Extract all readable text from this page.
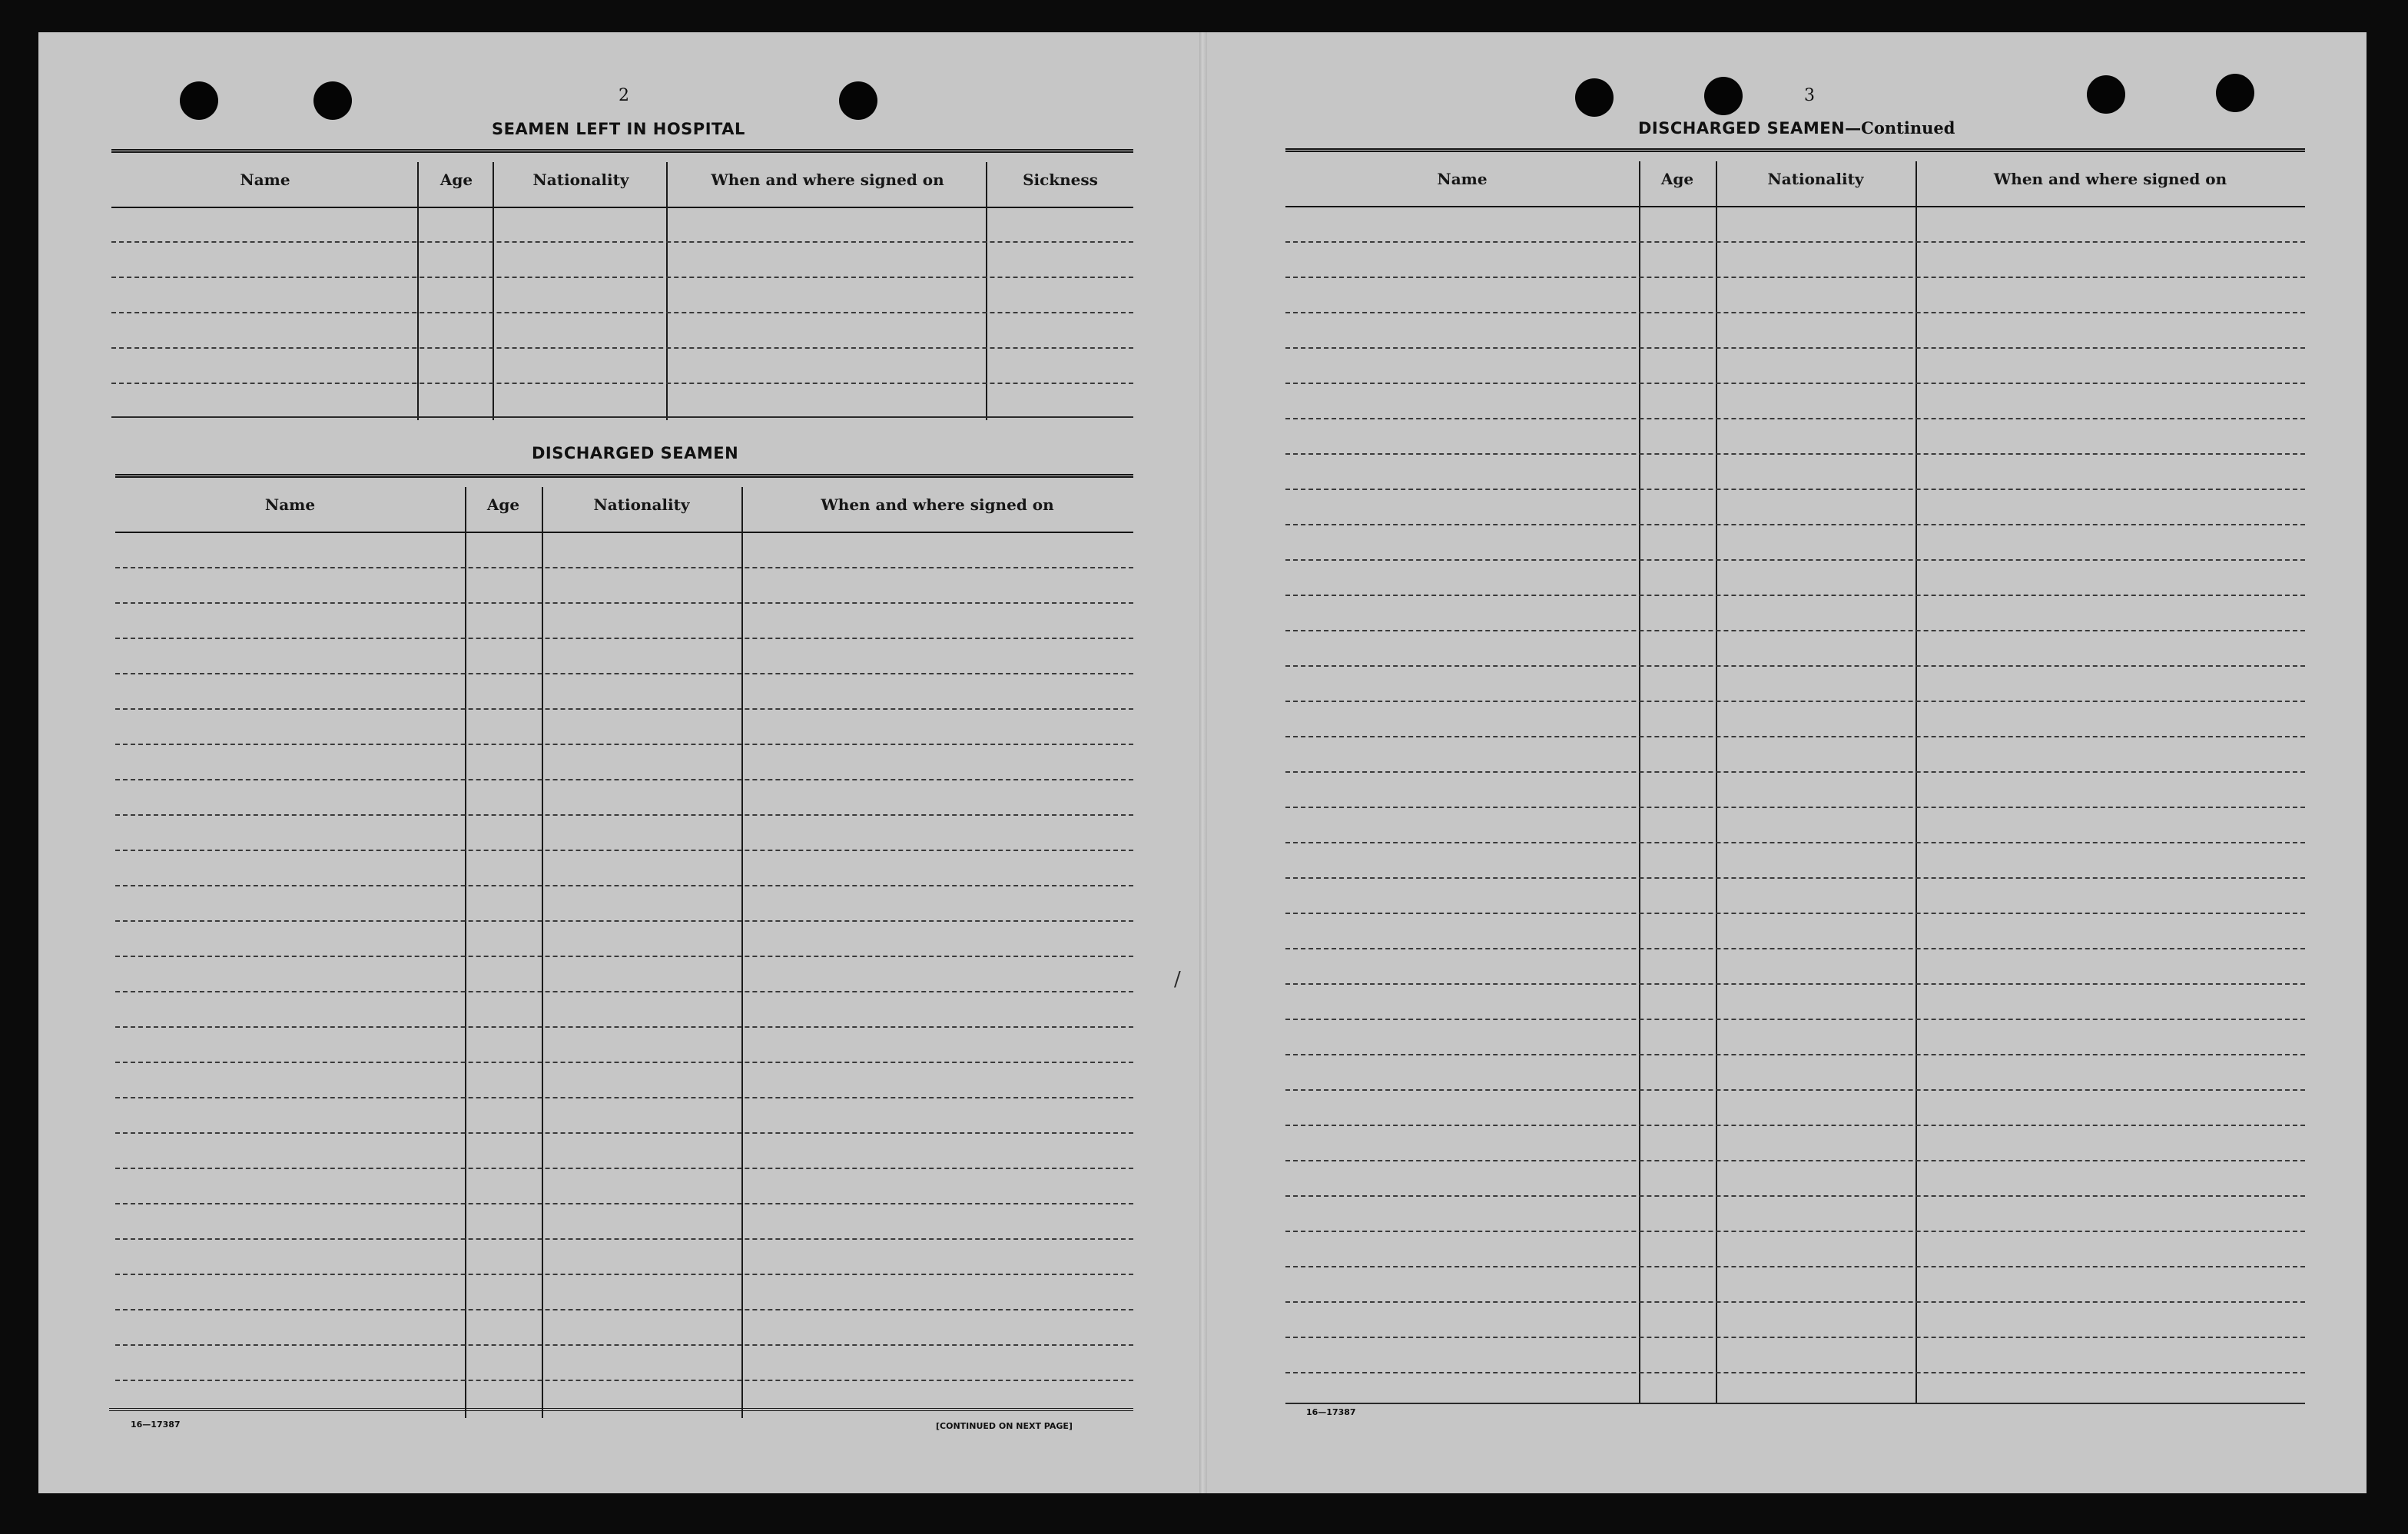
2
SEAMEN LEFT IN HOSPITAL
Name	Age	Nationality	When and where signed on	Sickness
DISCHARGED SEAMEN
Name	Age	Nationality	When and where signed on
16—17387	[CONTINUED ON NEXT PAGE]
/
3
DISCHARGED SEAMEN—Continued
Name	Age	Nationality	When and where signed on
16—17387
